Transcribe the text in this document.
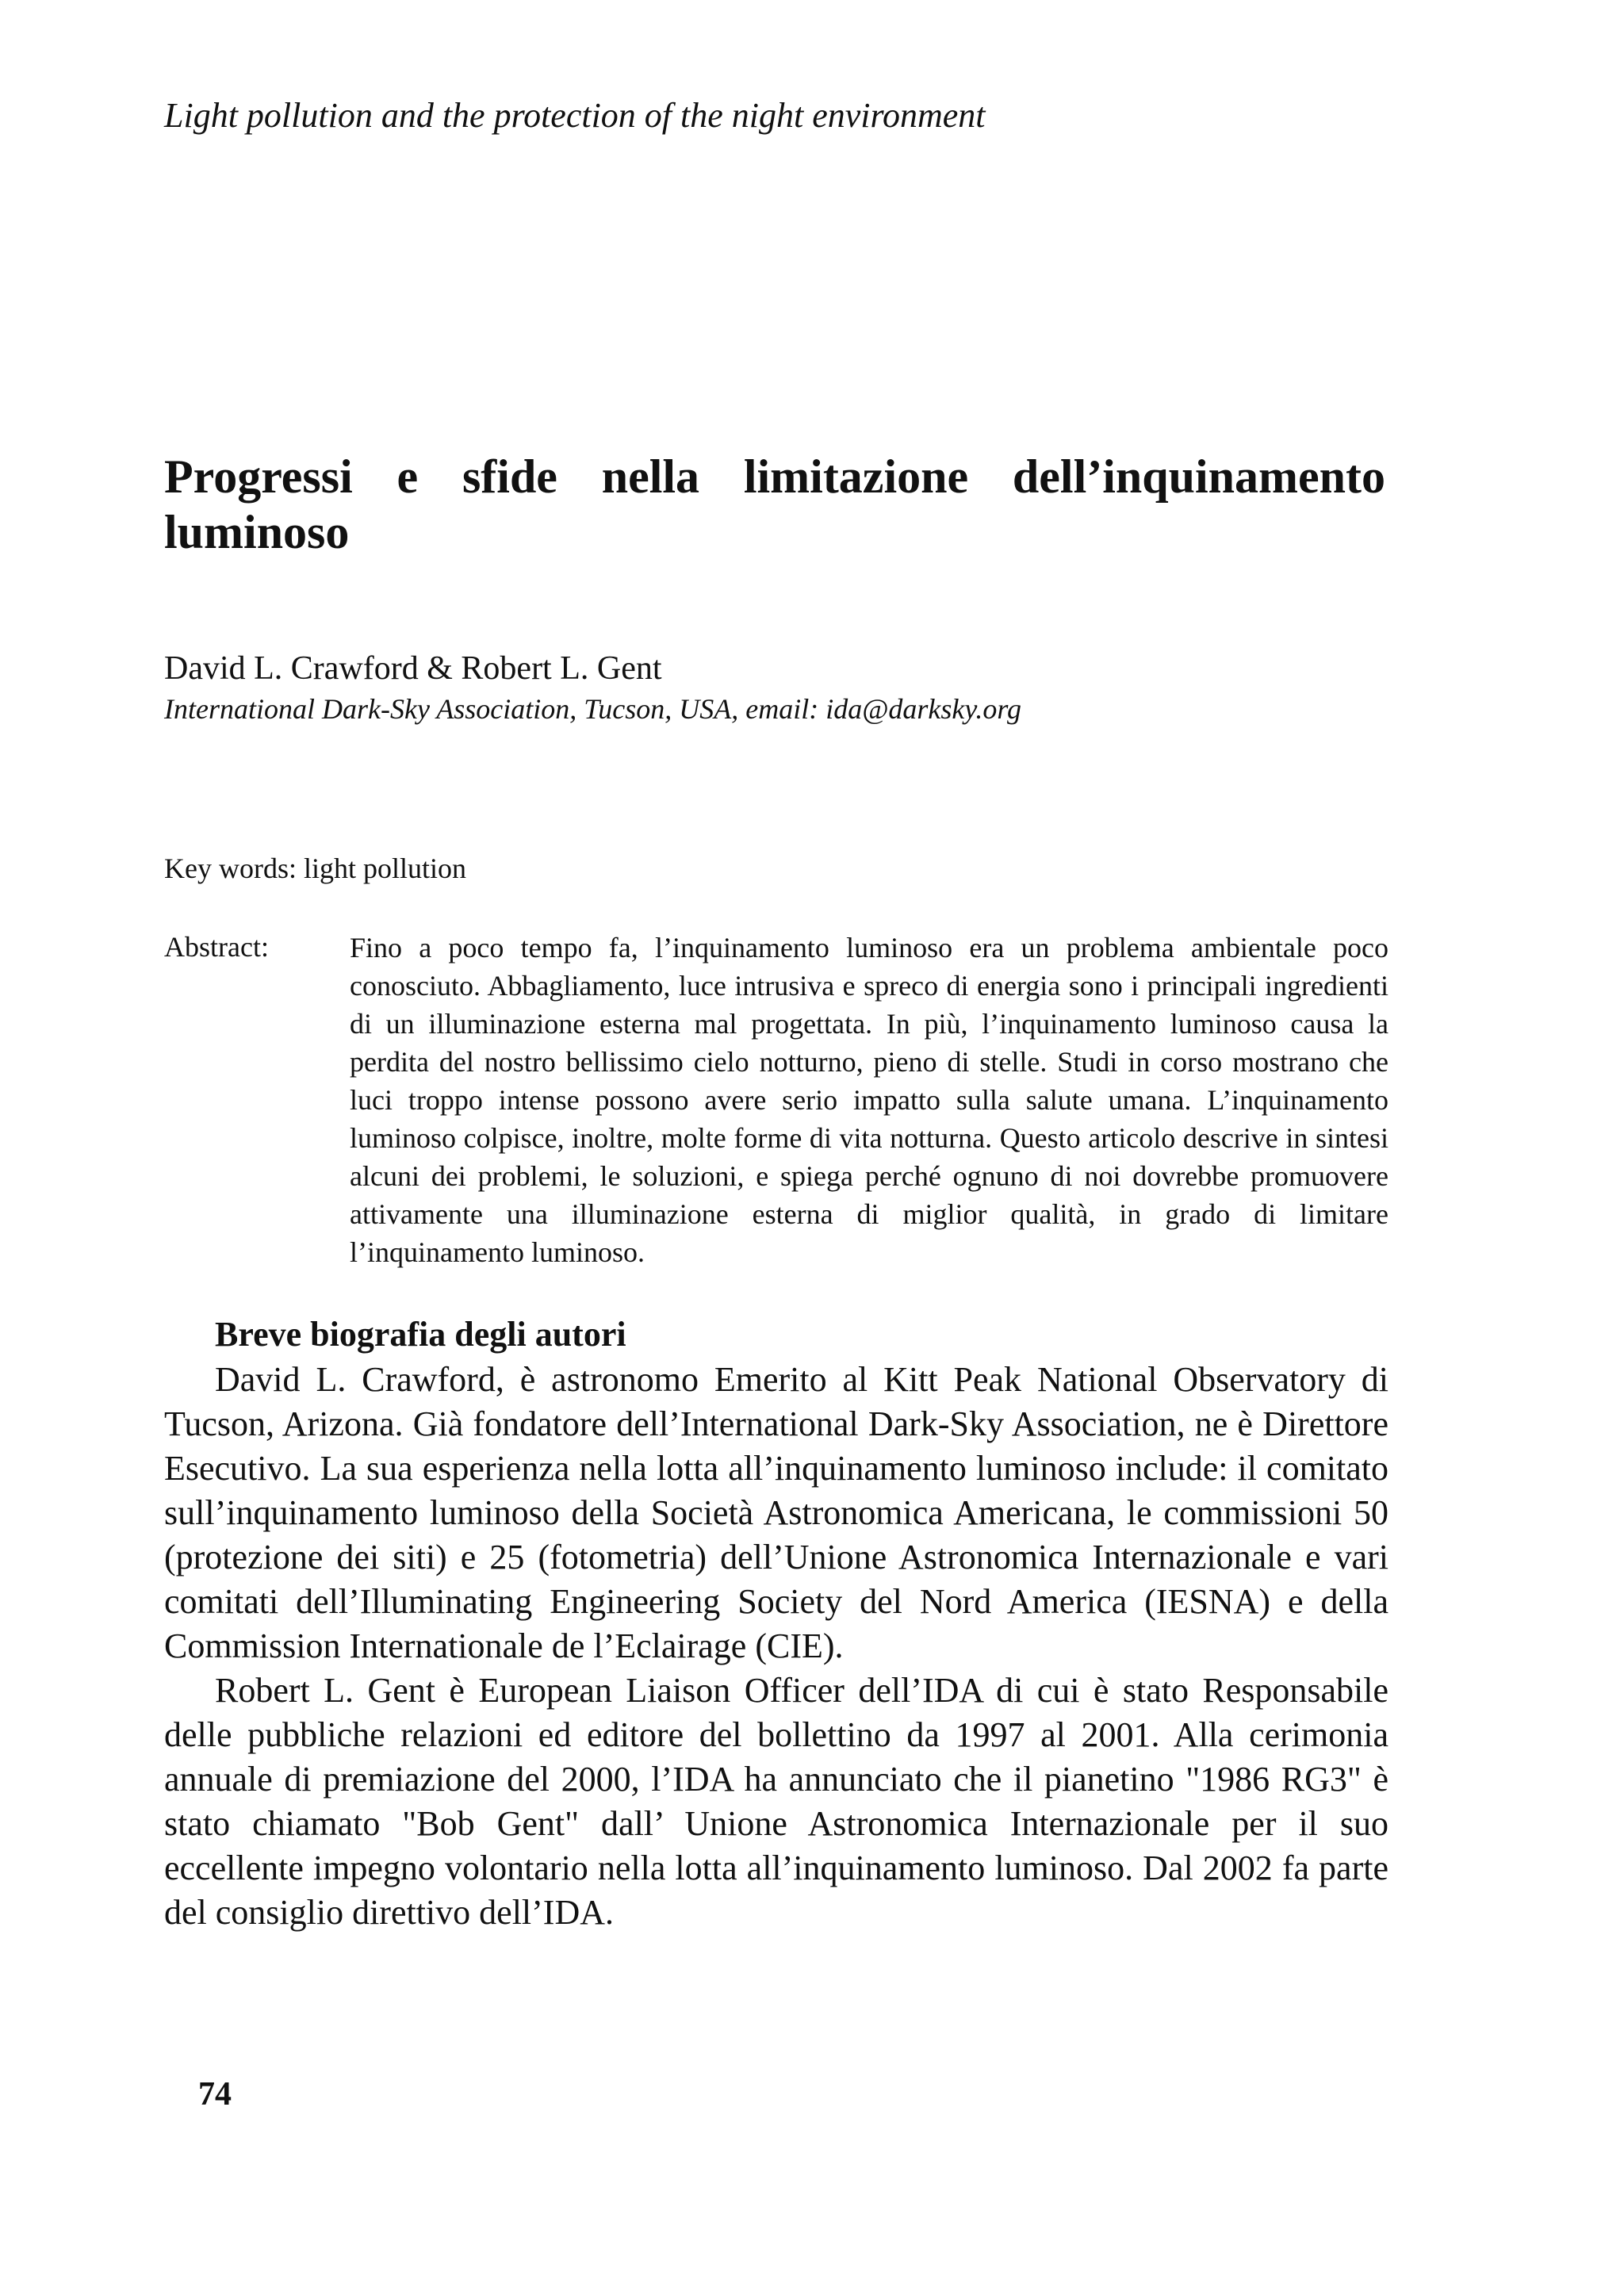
Light pollution and the protection of the night environment
Progressi e sfide nella limitazione dell’inquinamento luminoso
David L. Crawford & Robert L. Gent
International Dark-Sky Association, Tucson, USA, email: ida@darksky.org
Key words: light pollution
Abstract:	Fino a poco tempo fa, l’inquinamento luminoso era un problema ambientale poco conosciuto. Abbagliamento, luce intrusiva e spreco di energia sono i principali ingredienti di un illuminazione esterna mal progettata. In più, l’inquinamento luminoso causa la perdita del nostro bellissimo cielo notturno, pieno di stelle. Studi in corso mostrano che luci troppo intense possono avere serio impatto sulla salute umana. L’inquinamento luminoso colpisce, inoltre, molte forme di vita notturna. Questo articolo descrive in sintesi alcuni dei problemi, le soluzioni, e spiega perché ognuno di noi dovrebbe promuovere attivamente una illuminazione esterna di miglior qualità, in grado di limitare l’inquinamento luminoso.

Breve biografia degli autori

David L. Crawford, è astronomo Emerito al Kitt Peak National Observatory di Tucson, Arizona. Già fondatore dell’International Dark-Sky Association, ne è Direttore Esecutivo. La sua esperienza nella lotta all’inquinamento luminoso include: il comitato sull’inquinamento luminoso della Società Astronomica Americana, le commissioni 50 (protezione dei siti) e 25 (fotometria) dell’Unione Astronomica Internazionale e vari comitati dell’Illuminating Engineering Society del Nord America (IESNA) e della Commission Internationale de l’Eclairage (CIE).

Robert L. Gent è European Liaison Officer dell’IDA di cui è stato Responsabile delle pubbliche relazioni ed editore del bollettino da 1997 al 2001. Alla cerimonia annuale di premiazione del 2000, l’IDA ha annunciato che il pianetino "1986 RG3" è stato chiamato "Bob Gent" dall’ Unione Astronomica Internazionale per il suo eccellente impegno volontario nella lotta all’inquinamento luminoso. Dal 2002 fa parte del consiglio direttivo dell’IDA.

74
